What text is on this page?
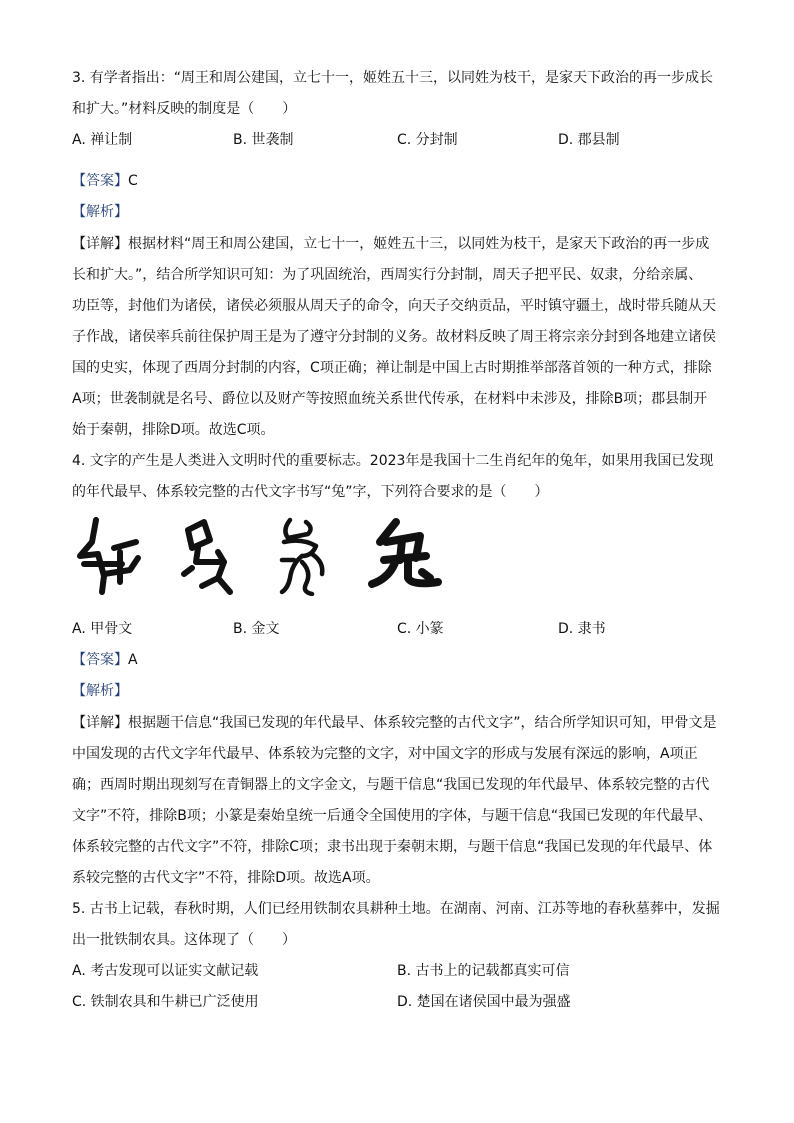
3. 有学者指出：“周王和周公建国，立七十一，姬姓五十三，以同姓为枝干，是家天下政治的再一步成长
和扩大。”材料反映的制度是（　　）
A. 禅让制	B. 世袭制	C. 分封制	D. 郡县制
【答案】C
【解析】
【详解】根据材料“周王和周公建国，立七十一，姬姓五十三，以同姓为枝干，是家天下政治的再一步成
长和扩大。”，结合所学知识可知：为了巩固统治，西周实行分封制，周天子把平民、奴隶，分给亲属、
功臣等，封他们为诸侯，诸侯必须服从周天子的命令，向天子交纳贡品，平时镇守疆土，战时带兵随从天
子作战，诸侯率兵前往保护周王是为了遵守分封制的义务。故材料反映了周王将宗亲分封到各地建立诸侯
国的史实，体现了西周分封制的内容，C项正确；禅让制是中国上古时期推举部落首领的一种方式，排除
A项；世袭制就是名号、爵位以及财产等按照血统关系世代传承，在材料中未涉及，排除B项；郡县制开
始于秦朝，排除D项。故选C项。
4. 文字的产生是人类进入文明时代的重要标志。2023年是我国十二生肖纪年的兔年，如果用我国已发现
的年代最早、体系较完整的古代文字书写“兔”字，下列符合要求的是（　　）
A. 甲骨文	B. 金文	C. 小篆	D. 隶书
【答案】A
【解析】
【详解】根据题干信息“我国已发现的年代最早、体系较完整的古代文字”，结合所学知识可知，甲骨文是
中国发现的古代文字年代最早、体系较为完整的文字，对中国文字的形成与发展有深远的影响，A项正
确；西周时期出现刻写在青铜器上的文字金文，与题干信息“我国已发现的年代最早、体系较完整的古代
文字”不符，排除B项；小篆是秦始皇统一后通令全国使用的字体，与题干信息“我国已发现的年代最早、
体系较完整的古代文字”不符，排除C项；隶书出现于秦朝末期，与题干信息“我国已发现的年代最早、体
系较完整的古代文字”不符，排除D项。故选A项。
5. 古书上记载，春秋时期，人们已经用铁制农具耕种土地。在湖南、河南、江苏等地的春秋墓葬中，发掘
出一批铁制农具。这体现了（　　）
A. 考古发现可以证实文献记载	B. 古书上的记载都真实可信
C. 铁制农具和牛耕已广泛使用	D. 楚国在诸侯国中最为强盛
